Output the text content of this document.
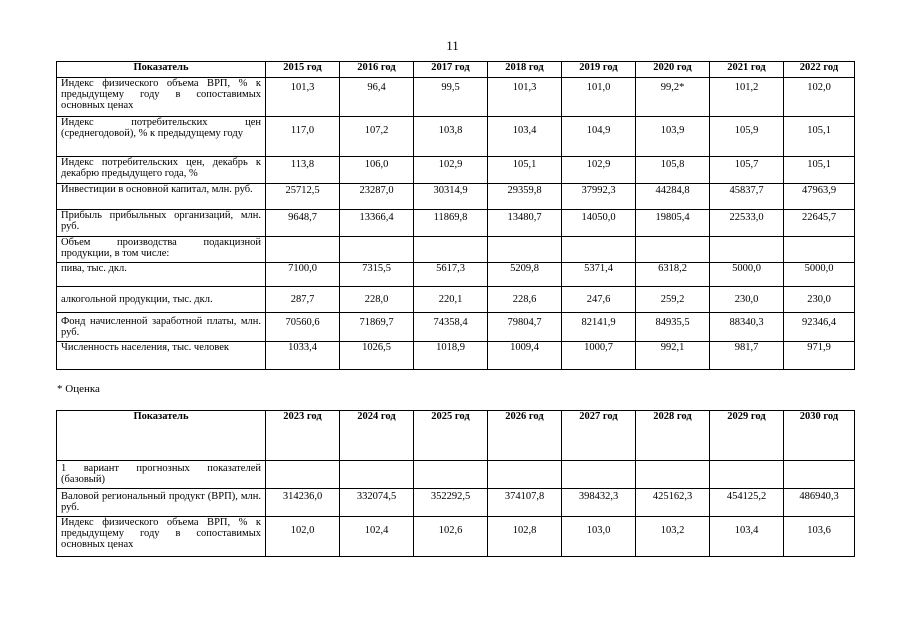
11
Показатель	2015 год	2016 год	2017 год	2018 год	2019 год	2020 год	2021 год	2022 год
Индекс физического объема ВРП, % к предыдущему году в сопоставимых основных ценах	101,3	96,4	99,5	101,3	101,0	99,2*	101,2	102,0
Индекс потребительских цен (среднегодовой), % к предыдущему году	117,0	107,2	103,8	103,4	104,9	103,9	105,9	105,1
Индекс потребительских цен, декабрь к декабрю предыдущего года, %	113,8	106,0	102,9	105,1	102,9	105,8	105,7	105,1
Инвестиции в основной капитал, млн. руб.	25712,5	23287,0	30314,9	29359,8	37992,3	44284,8	45837,7	47963,9
Прибыль прибыльных организаций, млн. руб.	9648,7	13366,4	11869,8	13480,7	14050,0	19805,4	22533,0	22645,7
Объем производства подакцизной продукции, в том числе:								
пива, тыс. дкл.	7100,0	7315,5	5617,3	5209,8	5371,4	6318,2	5000,0	5000,0
алкогольной продукции, тыс. дкл.	287,7	228,0	220,1	228,6	247,6	259,2	230,0	230,0
Фонд начисленной заработной платы, млн. руб.	70560,6	71869,7	74358,4	79804,7	82141,9	84935,5	88340,3	92346,4
Численность населения, тыс. человек	1033,4	1026,5	1018,9	1009,4	1000,7	992,1	981,7	971,9
* Оценка
Показатель	2023 год	2024 год	2025 год	2026 год	2027 год	2028 год	2029 год	2030 год
1 вариант прогнозных показателей (базовый)								
Валовой региональный продукт (ВРП), млн. руб.	314236,0	332074,5	352292,5	374107,8	398432,3	425162,3	454125,2	486940,3
Индекс физического объема ВРП, % к предыдущему году в сопоставимых основных ценах	102,0	102,4	102,6	102,8	103,0	103,2	103,4	103,6
